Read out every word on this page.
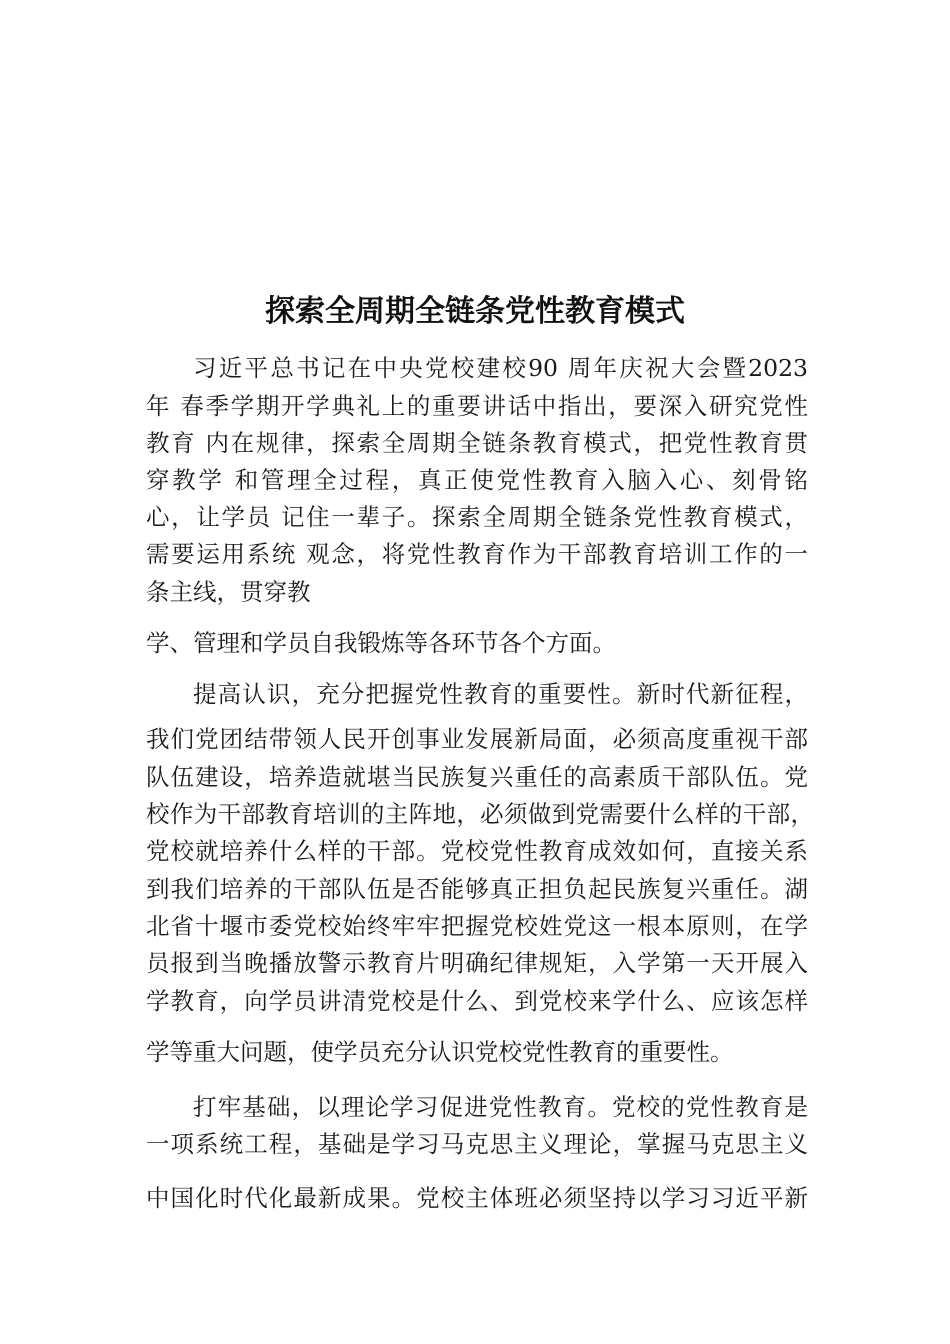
探索全周期全链条党性教育模式

习近平总书记在中央党校建校90 周年庆祝大会暨2023

年 春季学期开学典礼上的重要讲话中指出，要深入研究党性

教育 内在规律，探索全周期全链条教育模式，把党性教育贯

穿教学 和管理全过程，真正使党性教育入脑入心、刻骨铭

心，让学员 记住一辈子。探索全周期全链条党性教育模式，

需要运用系统 观念，将党性教育作为干部教育培训工作的一

条主线，贯穿教

学、管理和学员自我锻炼等各环节各个方面。

提高认识，充分把握党性教育的重要性。新时代新征程，

我们党团结带领人民开创事业发展新局面，必须高度重视干部

队伍建设，培养造就堪当民族复兴重任的高素质干部队伍。党

校作为干部教育培训的主阵地，必须做到党需要什么样的干部，

党校就培养什么样的干部。党校党性教育成效如何，直接关系

到我们培养的干部队伍是否能够真正担负起民族复兴重任。湖

北省十堰市委党校始终牢牢把握党校姓党这一根本原则，在学

员报到当晚播放警示教育片明确纪律规矩，入学第一天开展入

学教育，向学员讲清党校是什么、到党校来学什么、应该怎样

学等重大问题，使学员充分认识党校党性教育的重要性。

打牢基础，以理论学习促进党性教育。党校的党性教育是

一项系统工程，基础是学习马克思主义理论，掌握马克思主义

中国化时代化最新成果。党校主体班必须坚持以学习习近平新
